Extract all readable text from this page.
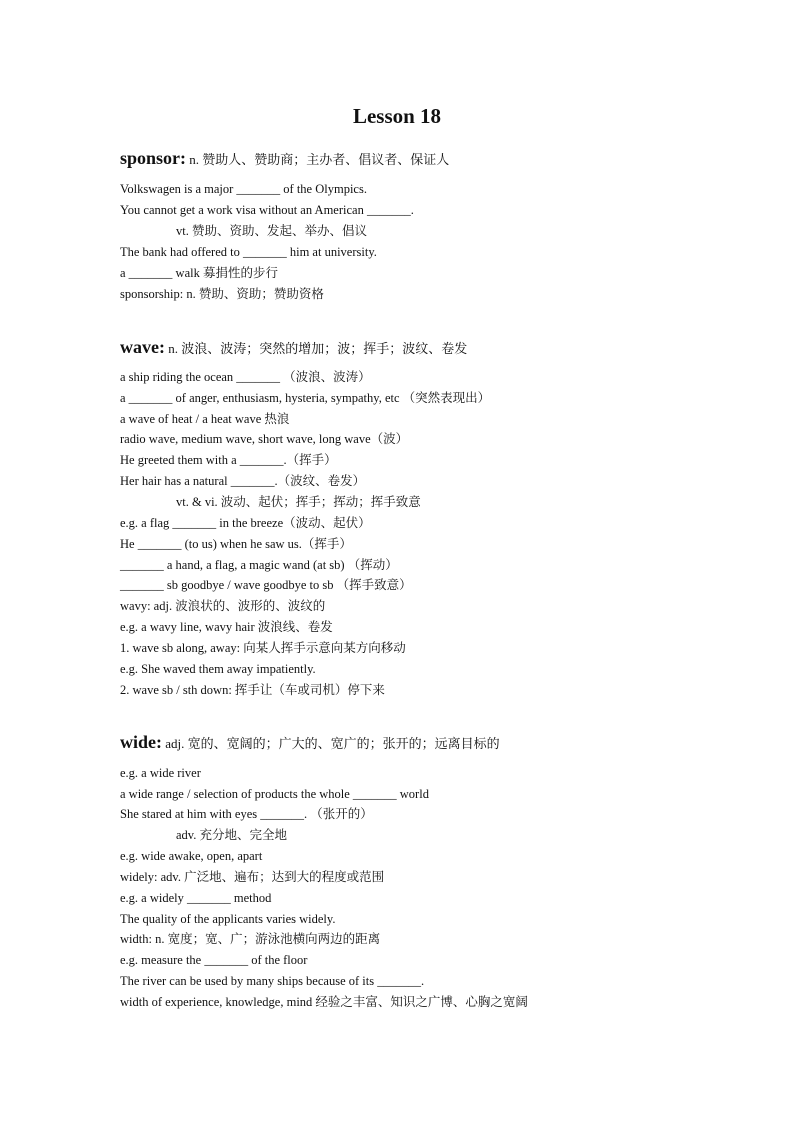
Lesson 18
sponsor: n. 赞助人、赞助商；主办者、倡议者、保证人
Volkswagen is a major _______ of the Olympics.
You cannot get a work visa without an American _______.
vt. 赞助、资助、发起、举办、倡议
The bank had offered to _______ him at university.
a _______ walk 募捐性的步行
sponsorship: n. 赞助、资助；赞助资格
wave: n. 波浪、波涛；突然的增加；波；挥手；波纹、卷发
a ship riding the ocean _______ （波浪、波涛）
a _______ of anger, enthusiasm, hysteria, sympathy, etc （突然表现出）
a wave of heat / a heat wave 热浪
radio wave, medium wave, short wave, long wave（波）
He greeted them with a _______.（挥手）
Her hair has a natural _______.（波纹、卷发）
vt. & vi. 波动、起伏；挥手；挥动；挥手致意
e.g. a flag _______ in the breeze（波动、起伏）
He _______ (to us) when he saw us.（挥手）
_______ a hand, a flag, a magic wand (at sb) （挥动）
_______ sb goodbye / wave goodbye to sb （挥手致意）
wavy: adj. 波浪状的、波形的、波纹的
e.g. a wavy line, wavy hair 波浪线、卷发
1. wave sb along, away: 向某人挥手示意向某方向移动
e.g. She waved them away impatiently.
2. wave sb / sth down: 挥手让（车或司机）停下来
wide: adj. 宽的、宽阔的；广大的、宽广的；张开的；远离目标的
e.g. a wide river
a wide range / selection of products the whole _______ world
She stared at him with eyes _______. （张开的）
adv. 充分地、完全地
e.g. wide awake, open, apart
widely: adv. 广泛地、遍布；达到大的程度或范围
e.g. a widely _______ method
The quality of the applicants varies widely.
width: n. 宽度；宽、广；游泳池横向两边的距离
e.g. measure the _______ of the floor
The river can be used by many ships because of its _______.
width of experience, knowledge, mind 经验之丰富、知识之广博、心胸之宽阔
